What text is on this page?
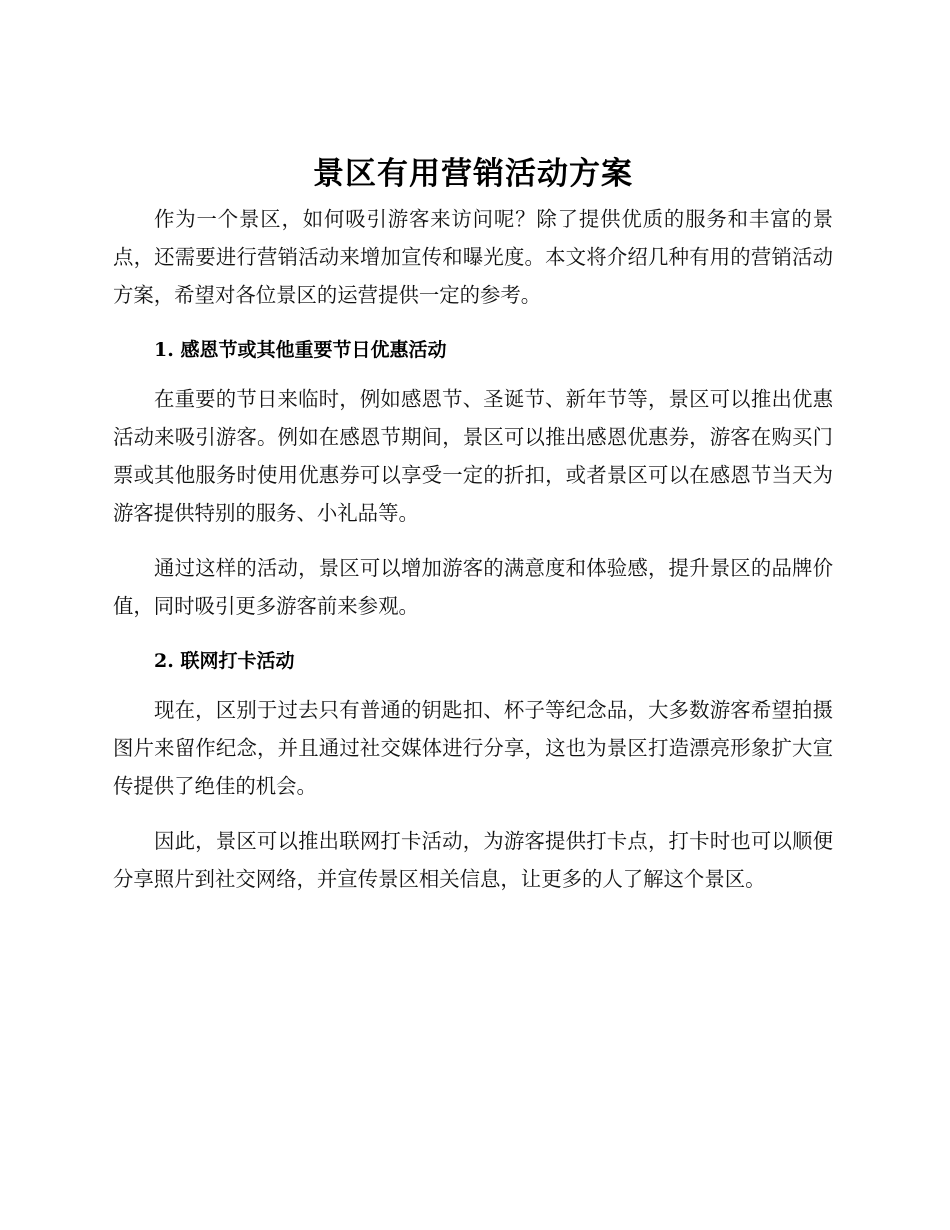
景区有用营销活动方案

作为一个景区，如何吸引游客来访问呢？除了提供优质的服务和丰富的景点，还需要进行营销活动来增加宣传和曝光度。本文将介绍几种有用的营销活动方案，希望对各位景区的运营提供一定的参考。

1. 感恩节或其他重要节日优惠活动

在重要的节日来临时，例如感恩节、圣诞节、新年节等，景区可以推出优惠活动来吸引游客。例如在感恩节期间，景区可以推出感恩优惠券，游客在购买门票或其他服务时使用优惠券可以享受一定的折扣，或者景区可以在感恩节当天为游客提供特别的服务、小礼品等。

通过这样的活动，景区可以增加游客的满意度和体验感，提升景区的品牌价值，同时吸引更多游客前来参观。

2. 联网打卡活动

现在，区别于过去只有普通的钥匙扣、杯子等纪念品，大多数游客希望拍摄图片来留作纪念，并且通过社交媒体进行分享，这也为景区打造漂亮形象扩大宣传提供了绝佳的机会。

因此，景区可以推出联网打卡活动，为游客提供打卡点，打卡时也可以顺便分享照片到社交网络，并宣传景区相关信息，让更多的人了解这个景区。
